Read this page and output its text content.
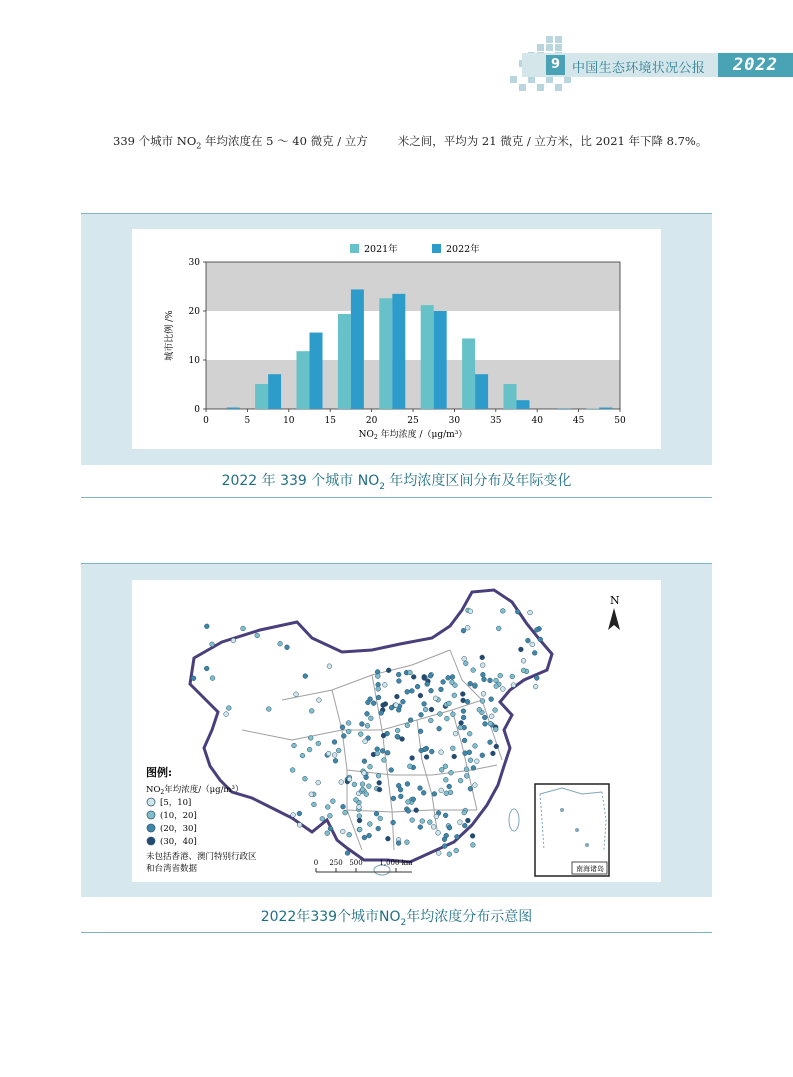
9 中国生态环境状况公报	2022
339 个城市 $NO_2$ 年均浓度在 5 ～ 40 微克 / 立方	米之间，平均为 21 微克 / 立方米，比 2021 年下降 8.7%。
0	5	10	15	20	25	30	35	40	45	50
0
10
20
30
$NO_2$ 年均浓度 /（μg/m³）
城市比例 /%
2021年	2022年
2022 年 339 个城市 $NO_2$ 年均浓度区间分布及年际变化
N
图例:
$NO_2$年均浓度/（μg/m³）
[5，10]
(10，20]
(20，30]
(30，40]
未包括香港、澳门特别行政区
和台湾省数据
0 250 500 1,000 km
南海诸岛
2022年339个城市$NO_2$年均浓度分布示意图
